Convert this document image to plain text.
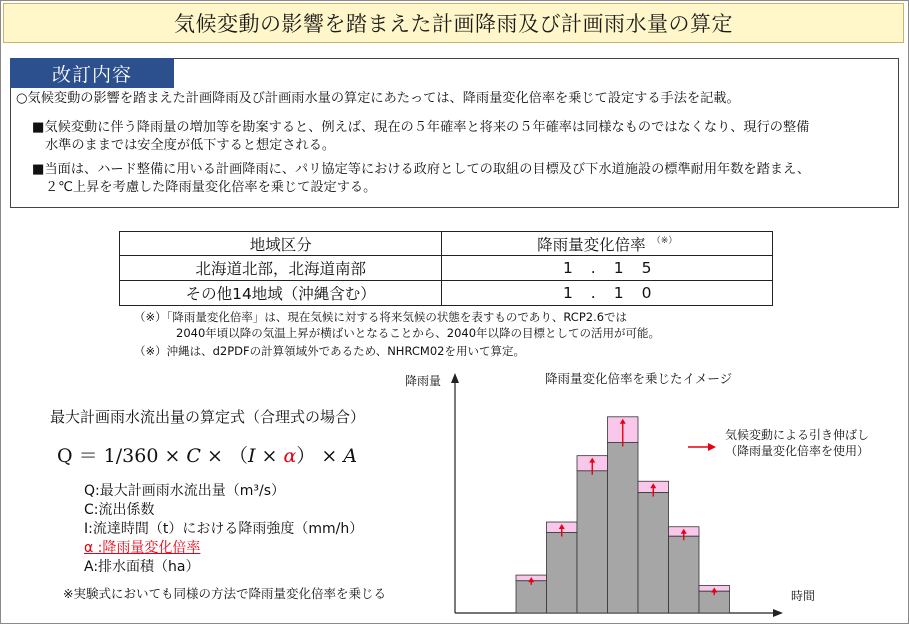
気候変動の影響を踏まえた計画降雨及び計画雨水量の算定
改訂内容
○気候変動の影響を踏まえた計画降雨及び計画雨水量の算定にあたっては、降雨量変化倍率を乗じて設定する手法を記載。
■気候変動に伴う降雨量の増加等を勘案すると、例えば、現在の５年確率と将来の５年確率は同様なものではなくなり、現行の整備
水準のままでは安全度が低下すると想定される。
■当面は、ハード整備に用いる計画降雨に、パリ協定等における政府としての取組の目標及び下水道施設の標準耐用年数を踏まえ、
２℃上昇を考慮した降雨量変化倍率を乗じて設定する。
地域区分	降雨量変化倍率 （※）
北海道北部，北海道南部	1.15
その他14地域（沖縄含む）	1.10
（※）「降雨量変化倍率」は、現在気候に対する将来気候の状態を表すものであり、RCP2.6では
2040年頃以降の気温上昇が横ばいとなることから、2040年以降の目標としての活用が可能。
（※）沖縄は、d2PDFの計算領域外であるため、NHRCM02を用いて算定。
最大計画雨水流出量の算定式（合理式の場合）
Q ＝ 1/360 × C × （I × α） × A
Q:最大計画雨水流出量（m³/s）
C:流出係数
I:流達時間（t）における降雨強度（mm/h）
α :降雨量変化倍率
A:排水面積（ha）
※実験式においても同様の方法で降雨量変化倍率を乗じる
降雨量	降雨量変化倍率を乗じたイメージ
時間
気候変動による引き伸ばし
（降雨量変化倍率を使用）
